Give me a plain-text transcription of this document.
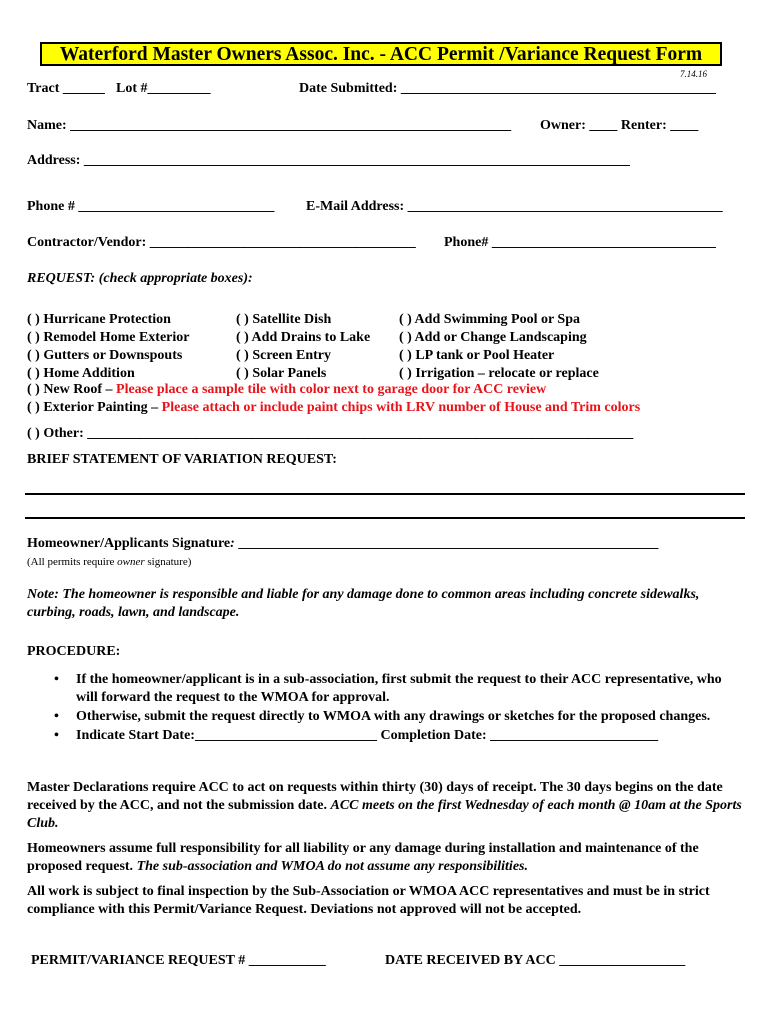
Waterford Master Owners Assoc. Inc. - ACC Permit /Variance Request Form
7.14.16
Tract ______ Lot #_________	Date Submitted: _____________________________________________
Name: _______________________________________________________________ Owner: ____ Renter: ____
Address: ______________________________________________________________________________
Phone # ____________________________ E-Mail Address: _____________________________________________
Contractor/Vendor: ______________________________________ Phone# ________________________________
REQUEST: (check appropriate boxes):
( ) Hurricane Protection
( ) Remodel Home Exterior
( ) Gutters or Downspouts
( ) Home Addition
( ) Satellite Dish
( ) Add Drains to Lake
( ) Screen Entry
( ) Solar Panels
( ) Add Swimming Pool or Spa
( ) Add or Change Landscaping
( ) LP tank or Pool Heater
( ) Irrigation – relocate or replace
( ) New Roof – Please place a sample tile with color next to garage door for ACC review
( ) Exterior Painting – Please attach or include paint chips with LRV number of House and Trim colors
( ) Other: ______________________________________________________________________________
BRIEF STATEMENT OF VARIATION REQUEST:
Homeowner/Applicants Signature: ____________________________________________________________
(All permits require owner signature)
Note: The homeowner is responsible and liable for any damage done to common areas including concrete sidewalks, curbing, roads, lawn, and landscape.
PROCEDURE:
• If the homeowner/applicant is in a sub-association, first submit the request to their ACC representative, who will forward the request to the WMOA for approval.
• Otherwise, submit the request directly to WMOA with any drawings or sketches for the proposed changes.
• Indicate Start Date:__________________________ Completion Date: ________________________
Master Declarations require ACC to act on requests within thirty (30) days of receipt. The 30 days begins on the date received by the ACC, and not the submission date. ACC meets on the first Wednesday of each month @ 10am at the Sports Club.
Homeowners assume full responsibility for all liability or any damage during installation and maintenance of the proposed request. The sub-association and WMOA do not assume any responsibilities.
All work is subject to final inspection by the Sub-Association or WMOA ACC representatives and must be in strict compliance with this Permit/Variance Request. Deviations not approved will not be accepted.
PERMIT/VARIANCE REQUEST # ___________	DATE RECEIVED BY ACC __________________
